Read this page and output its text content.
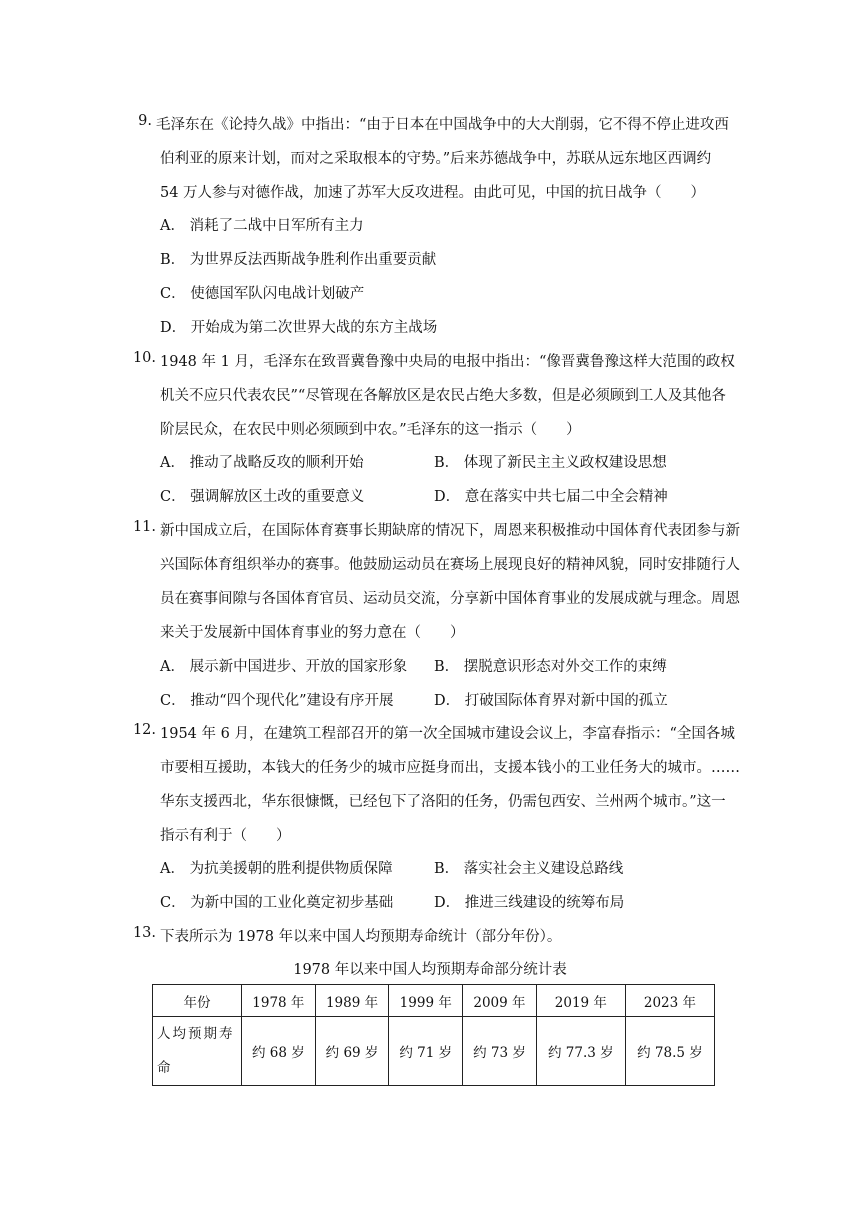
9. 毛泽东在《论持久战》中指出：“由于日本在中国战争中的大大削弱，它不得不停止进攻西
伯利亚的原来计划，而对之采取根本的守势。”后来苏德战争中，苏联从远东地区西调约
54 万人参与对德作战，加速了苏军大反攻进程。由此可见，中国的抗日战争（　　）
A． 消耗了二战中日军所有主力
B． 为世界反法西斯战争胜利作出重要贡献
C． 使德国军队闪电战计划破产
D． 开始成为第二次世界大战的东方主战场
10. 1948 年 1 月，毛泽东在致晋冀鲁豫中央局的电报中指出：“像晋冀鲁豫这样大范围的政权
机关不应只代表农民”“尽管现在各解放区是农民占绝大多数，但是必须顾到工人及其他各
阶层民众，在农民中则必须顾到中农。”毛泽东的这一指示（　　）
A． 推动了战略反攻的顺利开始	B． 体现了新民主主义政权建设思想
C． 强调解放区土改的重要意义	D． 意在落实中共七届二中全会精神
11. 新中国成立后，在国际体育赛事长期缺席的情况下，周恩来积极推动中国体育代表团参与新
兴国际体育组织举办的赛事。他鼓励运动员在赛场上展现良好的精神风貌，同时安排随行人
员在赛事间隙与各国体育官员、运动员交流，分享新中国体育事业的发展成就与理念。周恩
来关于发展新中国体育事业的努力意在（　　）
A． 展示新中国进步、开放的国家形象 B． 摆脱意识形态对外交工作的束缚
C． 推动“四个现代化”建设有序开展	D． 打破国际体育界对新中国的孤立
12. 1954 年 6 月，在建筑工程部召开的第一次全国城市建设会议上，李富春指示：“全国各城
市要相互援助，本钱大的任务少的城市应挺身而出，支援本钱小的工业任务大的城市。……
华东支援西北，华东很慷慨，已经包下了洛阳的任务，仍需包西安、兰州两个城市。”这一
指示有利于（　　）
A． 为抗美援朝的胜利提供物质保障	B． 落实社会主义建设总路线
C． 为新中国的工业化奠定初步基础	D． 推进三线建设的统筹布局
13. 下表所示为 1978 年以来中国人均预期寿命统计（部分年份）。
1978 年以来中国人均预期寿命部分统计表
年份	1978 年	1989 年	1999 年	2009 年	2019 年	2023 年
人均预期寿
命	约 68 岁	约 69 岁	约 71 岁	约 73 岁	约 77.3 岁	约 78.5 岁
